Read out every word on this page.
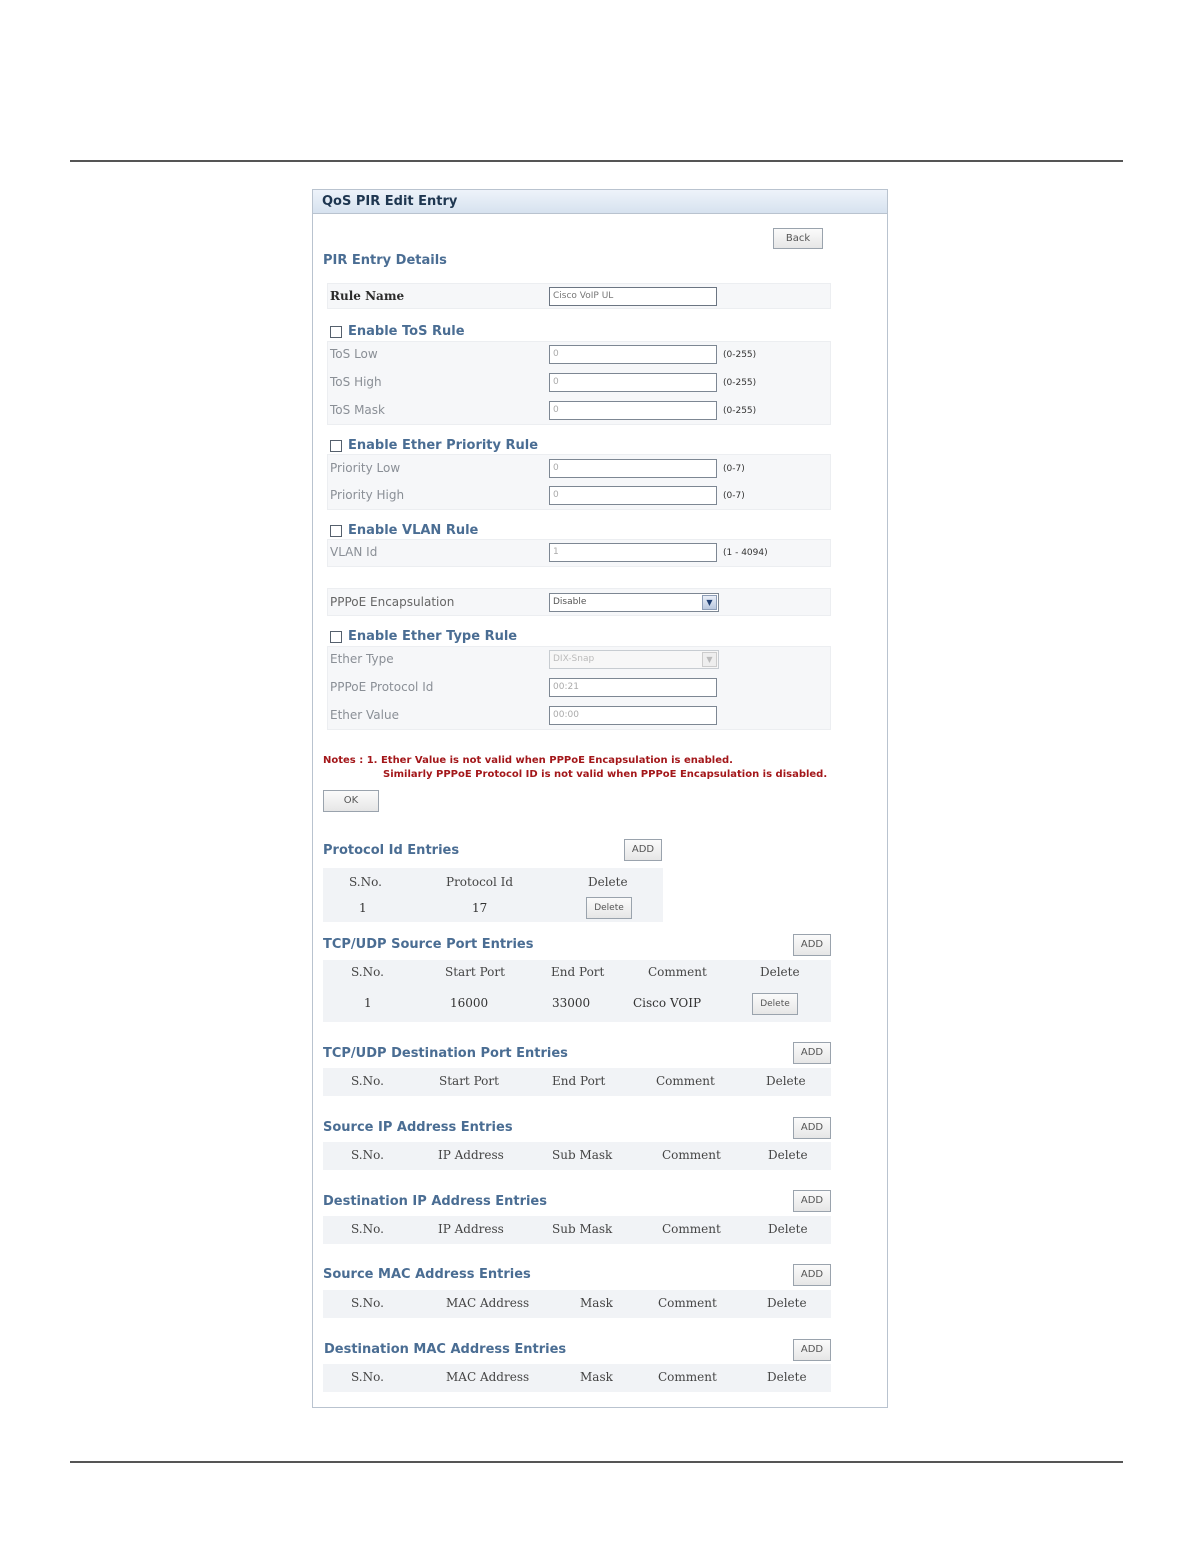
QoS PIR Edit Entry
Back
PIR Entry Details
Rule Name	Cisco VoIP UL
Enable ToS Rule
ToS Low	0	(0-255)
ToS High	0	(0-255)
ToS Mask	0	(0-255)
Enable Ether Priority Rule
Priority Low	0	(0-7)
Priority High	0	(0-7)
Enable VLAN Rule
VLAN Id	1	(1 - 4094)
PPPoE Encapsulation	Disable	▼
Enable Ether Type Rule
Ether Type	DIX-Snap	▼
PPPoE Protocol Id	00:21
Ether Value	00:00
Notes : 1. Ether Value is not valid when PPPoE Encapsulation is enabled.
Similarly PPPoE Protocol ID is not valid when PPPoE Encapsulation is disabled.
OK
Protocol Id Entries	ADD
S.No.	Protocol Id	Delete
1	17	Delete
TCP/UDP Source Port Entries	ADD
S.No.	Start Port	End Port	Comment	Delete
1	16000	33000	Cisco VOIP	Delete
TCP/UDP Destination Port Entries	ADD
S.No.	Start Port	End Port	Comment	Delete
Source IP Address Entries	ADD
S.No.	IP Address	Sub Mask	Comment	Delete
Destination IP Address Entries	ADD
S.No.	IP Address	Sub Mask	Comment	Delete
Source MAC Address Entries	ADD
S.No.	MAC Address	Mask	Comment	Delete
Destination MAC Address Entries	ADD
S.No.	MAC Address	Mask	Comment	Delete
